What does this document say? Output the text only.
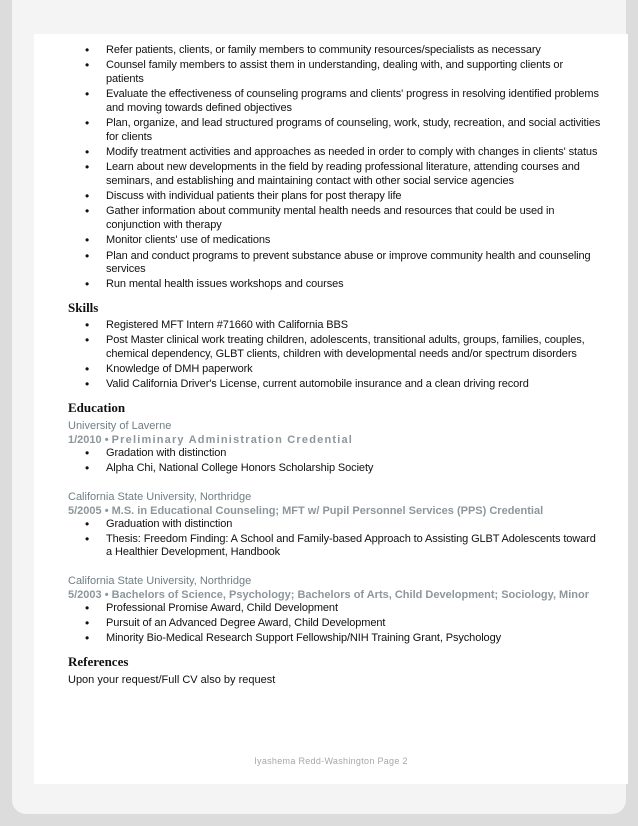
• Refer patients, clients, or family members to community resources/specialists as necessary
• Counsel family members to assist them in understanding, dealing with, and supporting clients or patients
• Evaluate the effectiveness of counseling programs and clients' progress in resolving identified problems and moving towards defined objectives
• Plan, organize, and lead structured programs of counseling, work, study, recreation, and social activities for clients
• Modify treatment activities and approaches as needed in order to comply with changes in clients' status
• Learn about new developments in the field by reading professional literature, attending courses and seminars, and establishing and maintaining contact with other social service agencies
• Discuss with individual patients their plans for post therapy life
• Gather information about community mental health needs and resources that could be used in conjunction with therapy
• Monitor clients' use of medications
• Plan and conduct programs to prevent substance abuse or improve community health and counseling services
• Run mental health issues workshops and courses
Skills
• Registered MFT Intern #71660 with California BBS
• Post Master clinical work treating children, adolescents, transitional adults, groups, families, couples, chemical dependency, GLBT clients, children with developmental needs and/or spectrum disorders
• Knowledge of DMH paperwork
• Valid California Driver's License, current automobile insurance and a clean driving record
Education
University of Laverne
1/2010 • Preliminary Administration Credential
• Gradation with distinction
• Alpha Chi, National College Honors Scholarship Society
California State University, Northridge
5/2005 • M.S. in Educational Counseling; MFT w/ Pupil Personnel Services (PPS) Credential
• Graduation with distinction
• Thesis: Freedom Finding: A School and Family-based Approach to Assisting GLBT Adolescents toward a Healthier Development, Handbook
California State University, Northridge
5/2003 • Bachelors of Science, Psychology; Bachelors of Arts, Child Development; Sociology, Minor
• Professional Promise Award, Child Development
• Pursuit of an Advanced Degree Award, Child Development
• Minority Bio-Medical Research Support Fellowship/NIH Training Grant, Psychology
References
Upon your request/Full CV also by request
Iyashema Redd-Washington Page 2
